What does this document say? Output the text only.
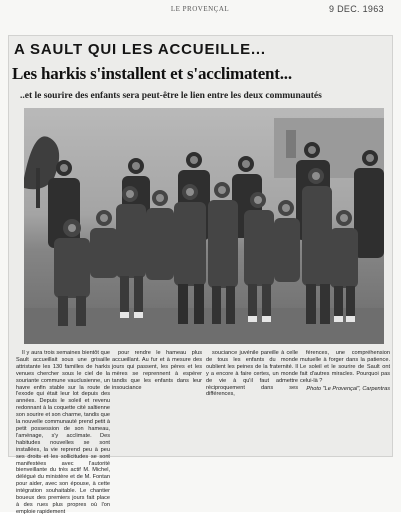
LE PROVENÇAL	9 DEC. 1963
A SAULT QUI LES ACCUEILLE...
Les harkis s'installent et s'acclimatent...
..et le sourire des enfants sera peut-être le lien entre les deux communautés

Il y aura trois semaines bientôt que Sault accueillait sous une grisaille attristante les 130 familles de harkis venues chercher sous le ciel de la souriante commune vauclusienne, un havre enfin stable sur la route de l'exode qui était leur lot depuis des années. Depuis le soleil et revenu redonnant à la coquette cité saltienne son sourire et son charme, tandis que la nouvelle communauté prend petit à petit possession de son hameau, l'aménage, s'y acclimate. Des habitudes nouvelles se sont installées, la vie reprend peu à peu ses droits et les sollicitudes se sont manifestées avec l'autorité bienveillante du très actif M. Michel, délégué du ministère et de M. Fontan pour aider, avec son épouse, à cette intégration souhaitable. Le chantier boueux des premiers jours fait place à des rues plus propres où l'on emploie rapidement

pour rendre le hameau plus accueillant. Au fur et à mesure des jours qui passent, les pères et les mères se reprennent à espérer tandis que les enfants dans leur insouciance

souciance juvénile pareille à celle de tous les enfants du monde oublient les peines de la fraternité. Il y a encore à faire certes, un monde de vie à qu'il faut admettre réciproquement dans ses différences,

férences, une compréhension mutuelle à forger dans la patience. Le soleil et le sourire de Sault ont fait d'autres miracles. Pourquoi pas celui-là ?

Photo "Le Provençal", Carpentras
